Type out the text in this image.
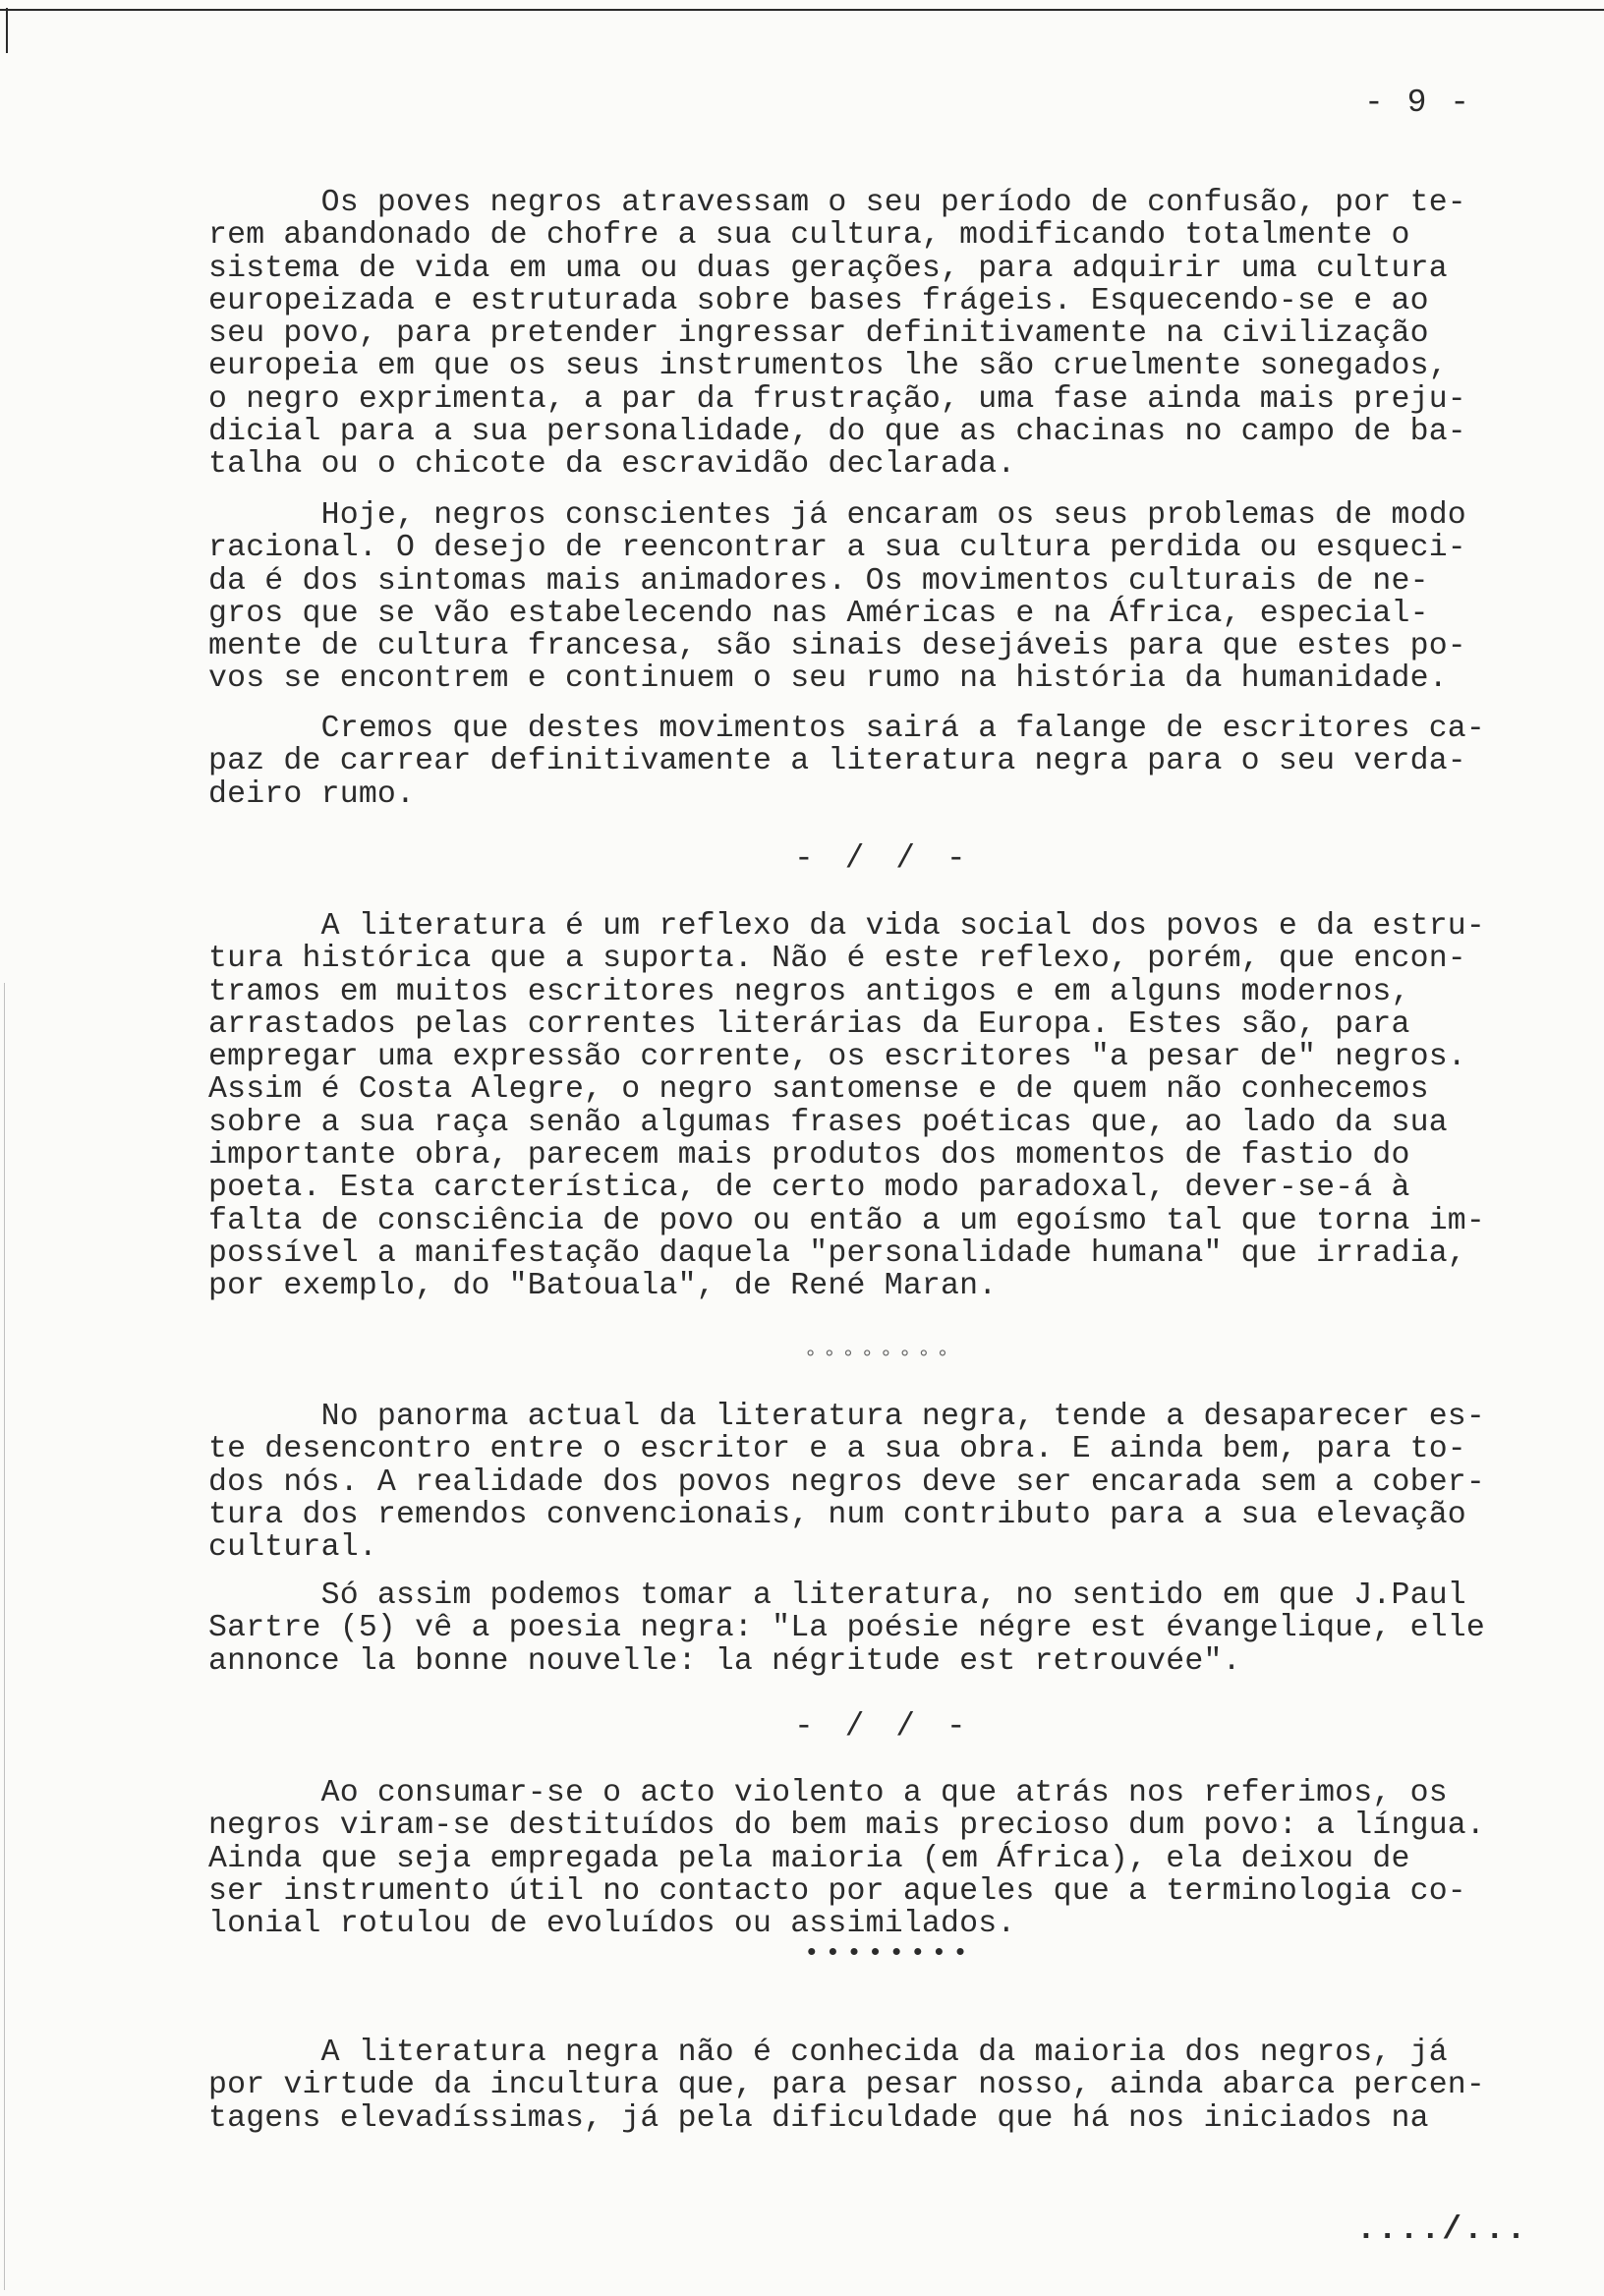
- 9 -

Os poves negros atravessam o seu período de confusão, por te-
rem abandonado de chofre a sua cultura, modificando totalmente o
sistema de vida em uma ou duas gerações, para adquirir uma cultura
europeizada e estruturada sobre bases frágeis. Esquecendo-se e ao
seu povo, para pretender ingressar definitivamente na civilização
europeia em que os seus instrumentos lhe são cruelmente sonegados,
o negro exprimenta, a par da frustração, uma fase ainda mais preju-
dicial para a sua personalidade, do que as chacinas no campo de ba-
talha ou o chicote da escravidão declarada.

Hoje, negros conscientes já encaram os seus problemas de modo
racional. O desejo de reencontrar a sua cultura perdida ou esqueci-
da é dos sintomas mais animadores. Os movimentos culturais de ne-
gros que se vão estabelecendo nas Américas e na África, especial-
mente de cultura francesa, são sinais desejáveis para que estes po-
vos se encontrem e continuem o seu rumo na história da humanidade.

Cremos que destes movimentos sairá a falange de escritores ca-
paz de carrear definitivamente a literatura negra para o seu verda-
deiro rumo.

- / / -

A literatura é um reflexo da vida social dos povos e da estru-
tura histórica que a suporta. Não é este reflexo, porém, que encon-
tramos em muitos escritores negros antigos e em alguns modernos,
arrastados pelas correntes literárias da Europa. Estes são, para
empregar uma expressão corrente, os escritores "a pesar de" negros.
Assim é Costa Alegre, o negro santomense e de quem não conhecemos
sobre a sua raça senão algumas frases poéticas que, ao lado da sua
importante obra, parecem mais produtos dos momentos de fastio do
poeta. Esta carcterística, de certo modo paradoxal, dever-se-á à
falta de consciência de povo ou então a um egoísmo tal que torna im-
possível a manifestação daquela "personalidade humana" que irradia,
por exemplo, do "Batouala", de René Maran.

°°°°°°°°

No panorma actual da literatura negra, tende a desaparecer es-
te desencontro entre o escritor e a sua obra. E ainda bem, para to-
dos nós. A realidade dos povos negros deve ser encarada sem a cober-
tura dos remendos convencionais, num contributo para a sua elevação
cultural.

Só assim podemos tomar a literatura, no sentido em que J.Paul
Sartre (5) vê a poesia negra: "La poésie négre est évangelique, elle
annonce la bonne nouvelle: la négritude est retrouvée".

- / / -

Ao consumar-se o acto violento a que atrás nos referimos, os
negros viram-se destituídos do bem mais precioso dum povo: a língua.
Ainda que seja empregada pela maioria (em África), ela deixou de
ser instrumento útil no contacto por aqueles que a terminologia co-
lonial rotulou de evoluídos ou assimilados.

••••••••

A literatura negra não é conhecida da maioria dos negros, já
por virtude da incultura que, para pesar nosso, ainda abarca percen-
tagens elevadíssimas, já pela dificuldade que há nos iniciados na

..../...
